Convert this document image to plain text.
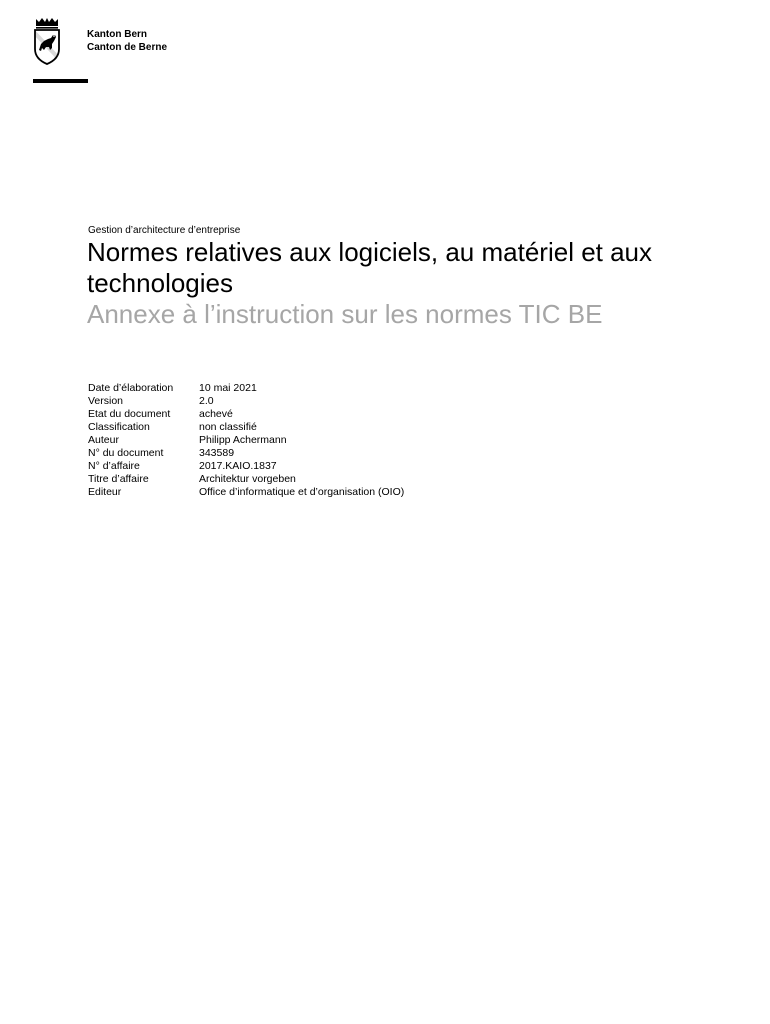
Kanton Bern
Canton de Berne
Gestion d’architecture d’entreprise
Normes relatives aux logiciels, au matériel et aux technologies
Annexe à l’instruction sur les normes TIC BE
Date d’élaboration	10 mai 2021
Version	2.0
Etat du document	achevé
Classification	non classifié
Auteur	Philipp Achermann
N° du document	343589
N° d’affaire	2017.KAIO.1837
Titre d’affaire	Architektur vorgeben
Editeur	Office d’informatique et d’organisation (OIO)
